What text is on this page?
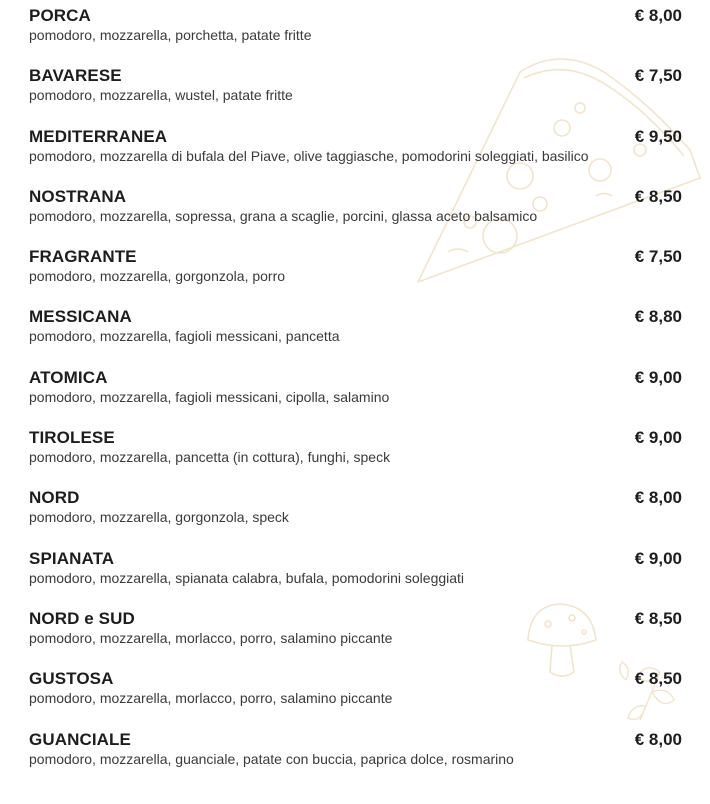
PORCA	€ 8,00
pomodoro, mozzarella, porchetta, patate fritte
BAVARESE	€ 7,50
pomodoro, mozzarella, wustel, patate fritte
MEDITERRANEA	€ 9,50
pomodoro, mozzarella di bufala del Piave, olive taggiasche, pomodorini soleggiati, basilico
NOSTRANA	€ 8,50
pomodoro, mozzarella, sopressa, grana a scaglie, porcini, glassa aceto balsamico
FRAGRANTE	€ 7,50
pomodoro, mozzarella, gorgonzola, porro
MESSICANA	€ 8,80
pomodoro, mozzarella, fagioli messicani, pancetta
ATOMICA	€ 9,00
pomodoro, mozzarella, fagioli messicani, cipolla, salamino
TIROLESE	€ 9,00
pomodoro, mozzarella, pancetta (in cottura), funghi, speck
NORD	€ 8,00
pomodoro, mozzarella, gorgonzola, speck
SPIANATA	€ 9,00
pomodoro, mozzarella, spianata calabra, bufala, pomodorini soleggiati
NORD e SUD	€ 8,50
pomodoro, mozzarella, morlacco, porro, salamino piccante
GUSTOSA	€ 8,50
pomodoro, mozzarella, morlacco, porro, salamino piccante
GUANCIALE	€ 8,00
pomodoro, mozzarella, guanciale, patate con buccia, paprica dolce, rosmarino
